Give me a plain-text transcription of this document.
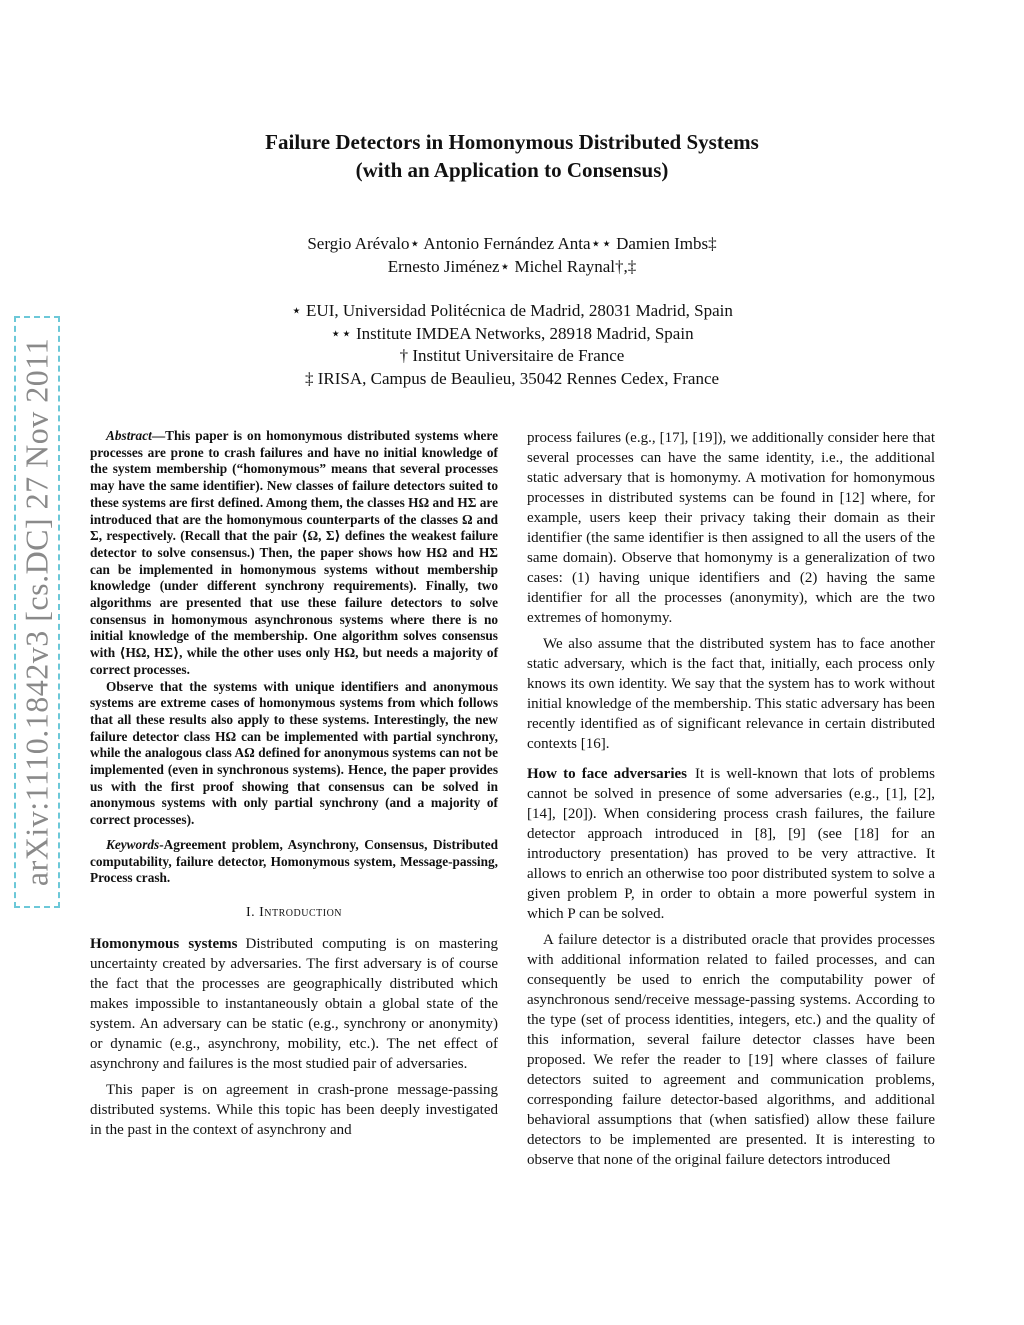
Failure Detectors in Homonymous Distributed Systems
(with an Application to Consensus)
Sergio Arévalo⋆ Antonio Fernández Anta⋆⋆ Damien Imbs‡
Ernesto Jiménez⋆ Michel Raynal†,‡
⋆ EUI, Universidad Politécnica de Madrid, 28031 Madrid, Spain
⋆⋆ Institute IMDEA Networks, 28918 Madrid, Spain
† Institut Universitaire de France
‡ IRISA, Campus de Beaulieu, 35042 Rennes Cedex, France
arXiv:1110.1842v3 [cs.DC] 27 Nov 2011	Abstract—This paper is on homonymous distributed systems where processes are prone to crash failures and have no initial knowledge of the system membership (“homonymous” means that several processes may have the same identifier). New classes of failure detectors suited to these systems are first defined. Among them, the classes HΩ and HΣ are introduced that are the homonymous counterparts of the classes Ω and Σ, respectively. (Recall that the pair ⟨Ω, Σ⟩ defines the weakest failure detector to solve consensus.) Then, the paper shows how HΩ and HΣ can be implemented in homonymous systems without membership knowledge (under different synchrony requirements). Finally, two algorithms are presented that use these failure detectors to solve consensus in homonymous asynchronous systems where there is no initial knowledge of the membership. One algorithm solves consensus with ⟨HΩ, HΣ⟩, while the other uses only HΩ, but needs a majority of correct processes.

Observe that the systems with unique identifiers and anonymous systems are extreme cases of homonymous systems from which follows that all these results also apply to these systems. Interestingly, the new failure detector class HΩ can be implemented with partial synchrony, while the analogous class AΩ defined for anonymous systems can not be implemented (even in synchronous systems). Hence, the paper provides us with the first proof showing that consensus can be solved in anonymous systems with only partial synchrony (and a majority of correct processes).

Keywords-Agreement problem, Asynchrony, Consensus, Distributed computability, failure detector, Homonymous system, Message-passing, Process crash.
I. Introduction

Homonymous systems Distributed computing is on mastering uncertainty created by adversaries. The first adversary is of course the fact that the processes are geographically distributed which makes impossible to instantaneously obtain a global state of the system. An adversary can be static (e.g., synchrony or anonymity) or dynamic (e.g., asynchrony, mobility, etc.). The net effect of asynchrony and failures is the most studied pair of adversaries.

This paper is on agreement in crash-prone message-passing distributed systems. While this topic has been deeply investigated in the past in the context of asynchrony and

process failures (e.g., [17], [19]), we additionally consider here that several processes can have the same identity, i.e., the additional static adversary that is homonymy. A motivation for homonymous processes in distributed systems can be found in [12] where, for example, users keep their privacy taking their domain as their identifier (the same identifier is then assigned to all the users of the same domain). Observe that homonymy is a generalization of two cases: (1) having unique identifiers and (2) having the same identifier for all the processes (anonymity), which are the two extremes of homonymy.

We also assume that the distributed system has to face another static adversary, which is the fact that, initially, each process only knows its own identity. We say that the system has to work without initial knowledge of the membership. This static adversary has been recently identified as of significant relevance in certain distributed contexts [16].

How to face adversaries It is well-known that lots of problems cannot be solved in presence of some adversaries (e.g., [1], [2], [14], [20]). When considering process crash failures, the failure detector approach introduced in [8], [9] (see [18] for an introductory presentation) has proved to be very attractive. It allows to enrich an otherwise too poor distributed system to solve a given problem P, in order to obtain a more powerful system in which P can be solved.

A failure detector is a distributed oracle that provides processes with additional information related to failed processes, and can consequently be used to enrich the computability power of asynchronous send/receive message-passing systems. According to the type (set of process identities, integers, etc.) and the quality of this information, several failure detector classes have been proposed. We refer the reader to [19] where classes of failure detectors suited to agreement and communication problems, corresponding failure detector-based algorithms, and additional behavioral assumptions that (when satisfied) allow these failure detectors to be implemented are presented. It is interesting to observe that none of the original failure detectors introduced
